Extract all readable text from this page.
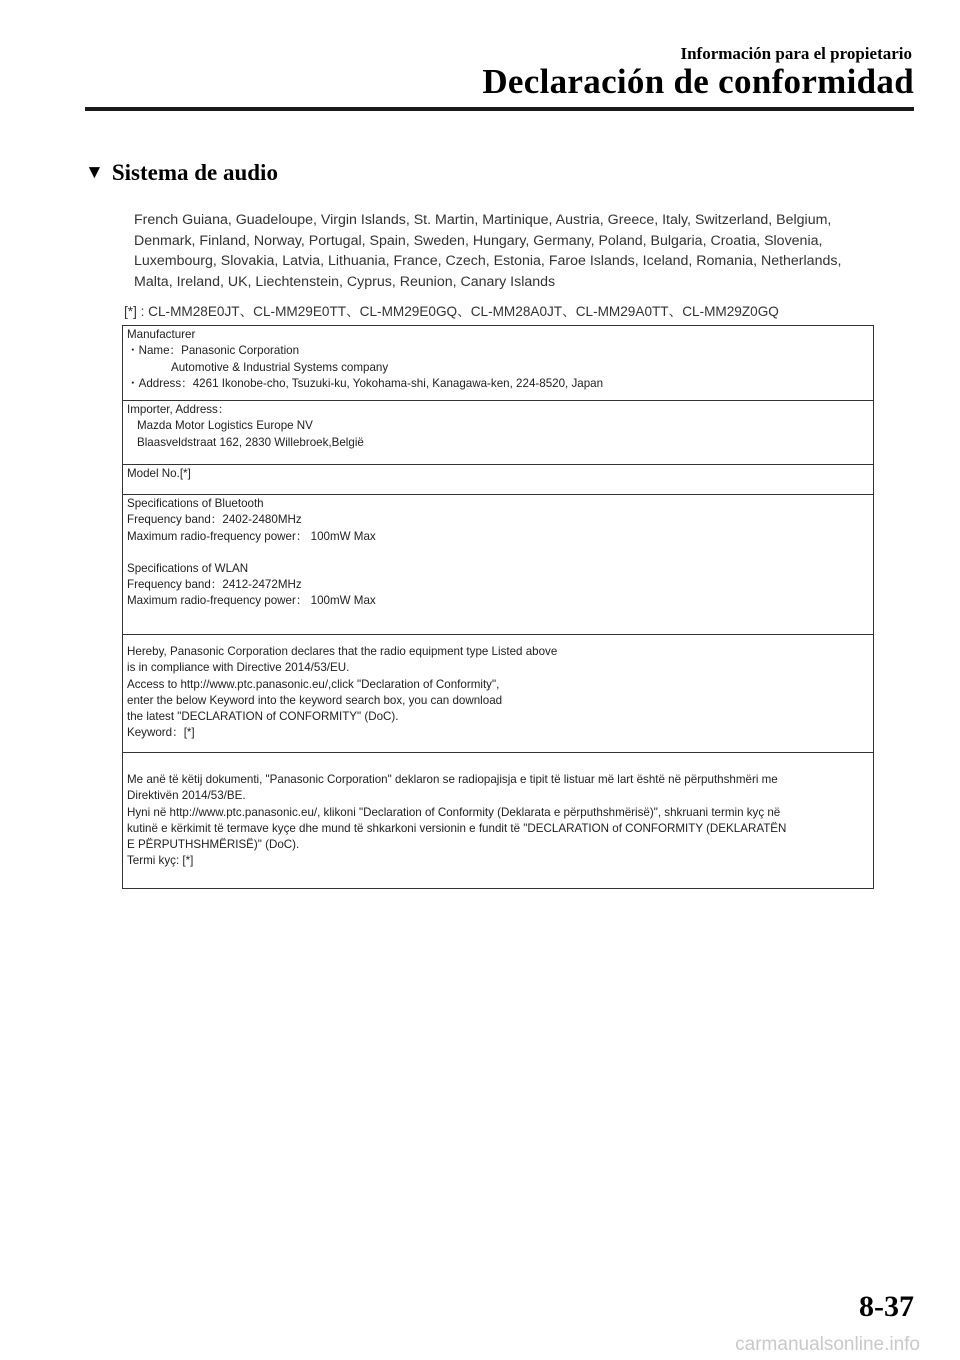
Información para el propietario
Declaración de conformidad
▼ Sistema de audio
French Guiana, Guadeloupe, Virgin Islands, St. Martin, Martinique, Austria, Greece, Italy, Switzerland, Belgium,
Denmark, Finland, Norway, Portugal, Spain, Sweden, Hungary, Germany, Poland, Bulgaria, Croatia, Slovenia,
Luxembourg, Slovakia, Latvia, Lithuania, France, Czech, Estonia, Faroe Islands, Iceland, Romania, Netherlands,
Malta, Ireland, UK, Liechtenstein, Cyprus, Reunion, Canary Islands
[*] : CL-MM28E0JT、CL-MM29E0TT、CL-MM29E0GQ、CL-MM28A0JT、CL-MM29A0TT、CL-MM29Z0GQ
Manufacturer
・Name：Panasonic Corporation
Automotive & Industrial Systems company
・Address：4261 Ikonobe-cho, Tsuzuki-ku, Yokohama-shi, Kanagawa-ken, 224-8520, Japan
Importer, Address：
Mazda Motor Logistics Europe NV
Blaasveldstraat 162, 2830 Willebroek,België
Model No.[*]
Specifications of Bluetooth
Frequency band：2402-2480MHz
Maximum radio-frequency power： 100mW Max
Specifications of WLAN
Frequency band：2412-2472MHz
Maximum radio-frequency power： 100mW Max
Hereby, Panasonic Corporation declares that the radio equipment type Listed above
is in compliance with Directive 2014/53/EU.
Access to http://www.ptc.panasonic.eu/,click "Declaration of Conformity",
enter the below Keyword into the keyword search box, you can download
the latest "DECLARATION of CONFORMITY" (DoC).
Keyword：[*]
Me anë të këtij dokumenti, "Panasonic Corporation" deklaron se radiopajisja e tipit të listuar më lart është në përputhshmëri me
Direktivën 2014/53/BE.
Hyni në http://www.ptc.panasonic.eu/, klikoni "Declaration of Conformity (Deklarata e përputhshmërisë)", shkruani termin kyç në
kutinë e kërkimit të termave kyçe dhe mund të shkarkoni versionin e fundit të "DECLARATION of CONFORMITY (DEKLARATËN
E PËRPUTHSHMËRISË)" (DoC).
Termi kyç: [*]
8-37
carmanualsonline.info
